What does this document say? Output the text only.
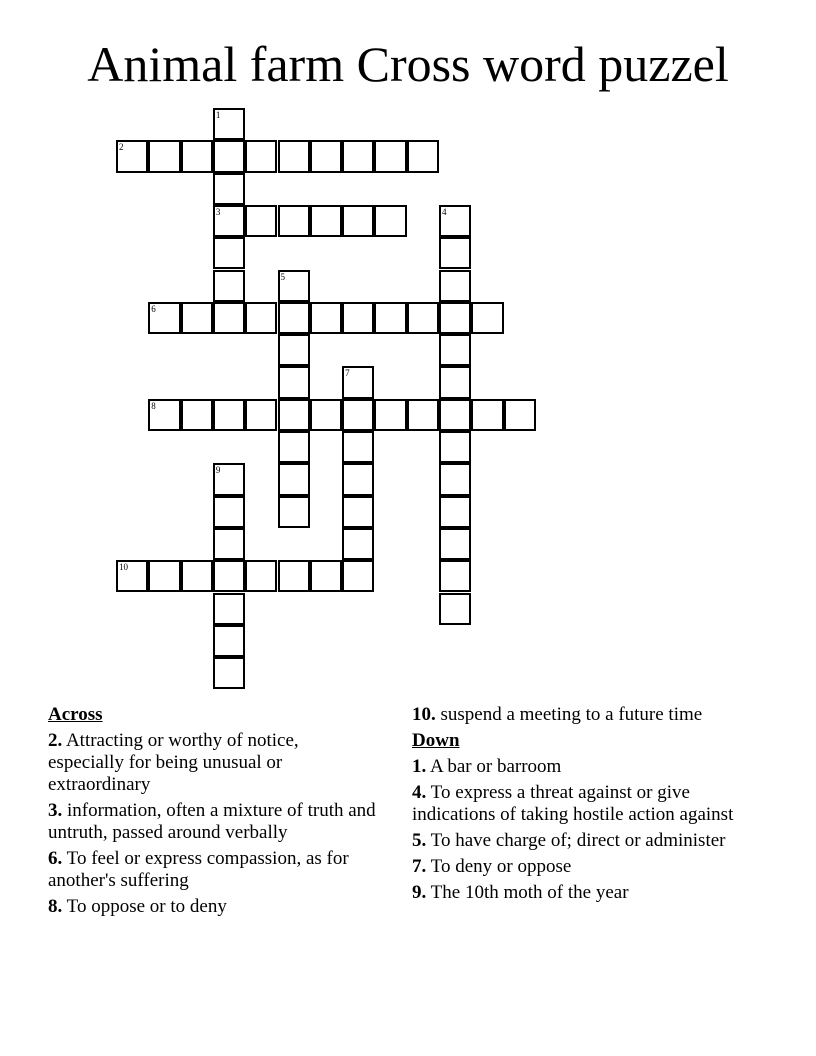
Animal farm Cross word puzzel
1
3
2
4
5
6
7
8
9
10
Across
2. Attracting or worthy of notice, especially for being unusual or extraordinary
3. information, often a mixture of truth and untruth, passed around verbally
6. To feel or express compassion, as for another's suffering
8. To oppose or to deny
10. suspend a meeting to a future time
Down
1. A bar or barroom
4. To express a threat against or give indications of taking hostile action against
5. To have charge of; direct or administer
7. To deny or oppose
9. The 10th moth of the year
